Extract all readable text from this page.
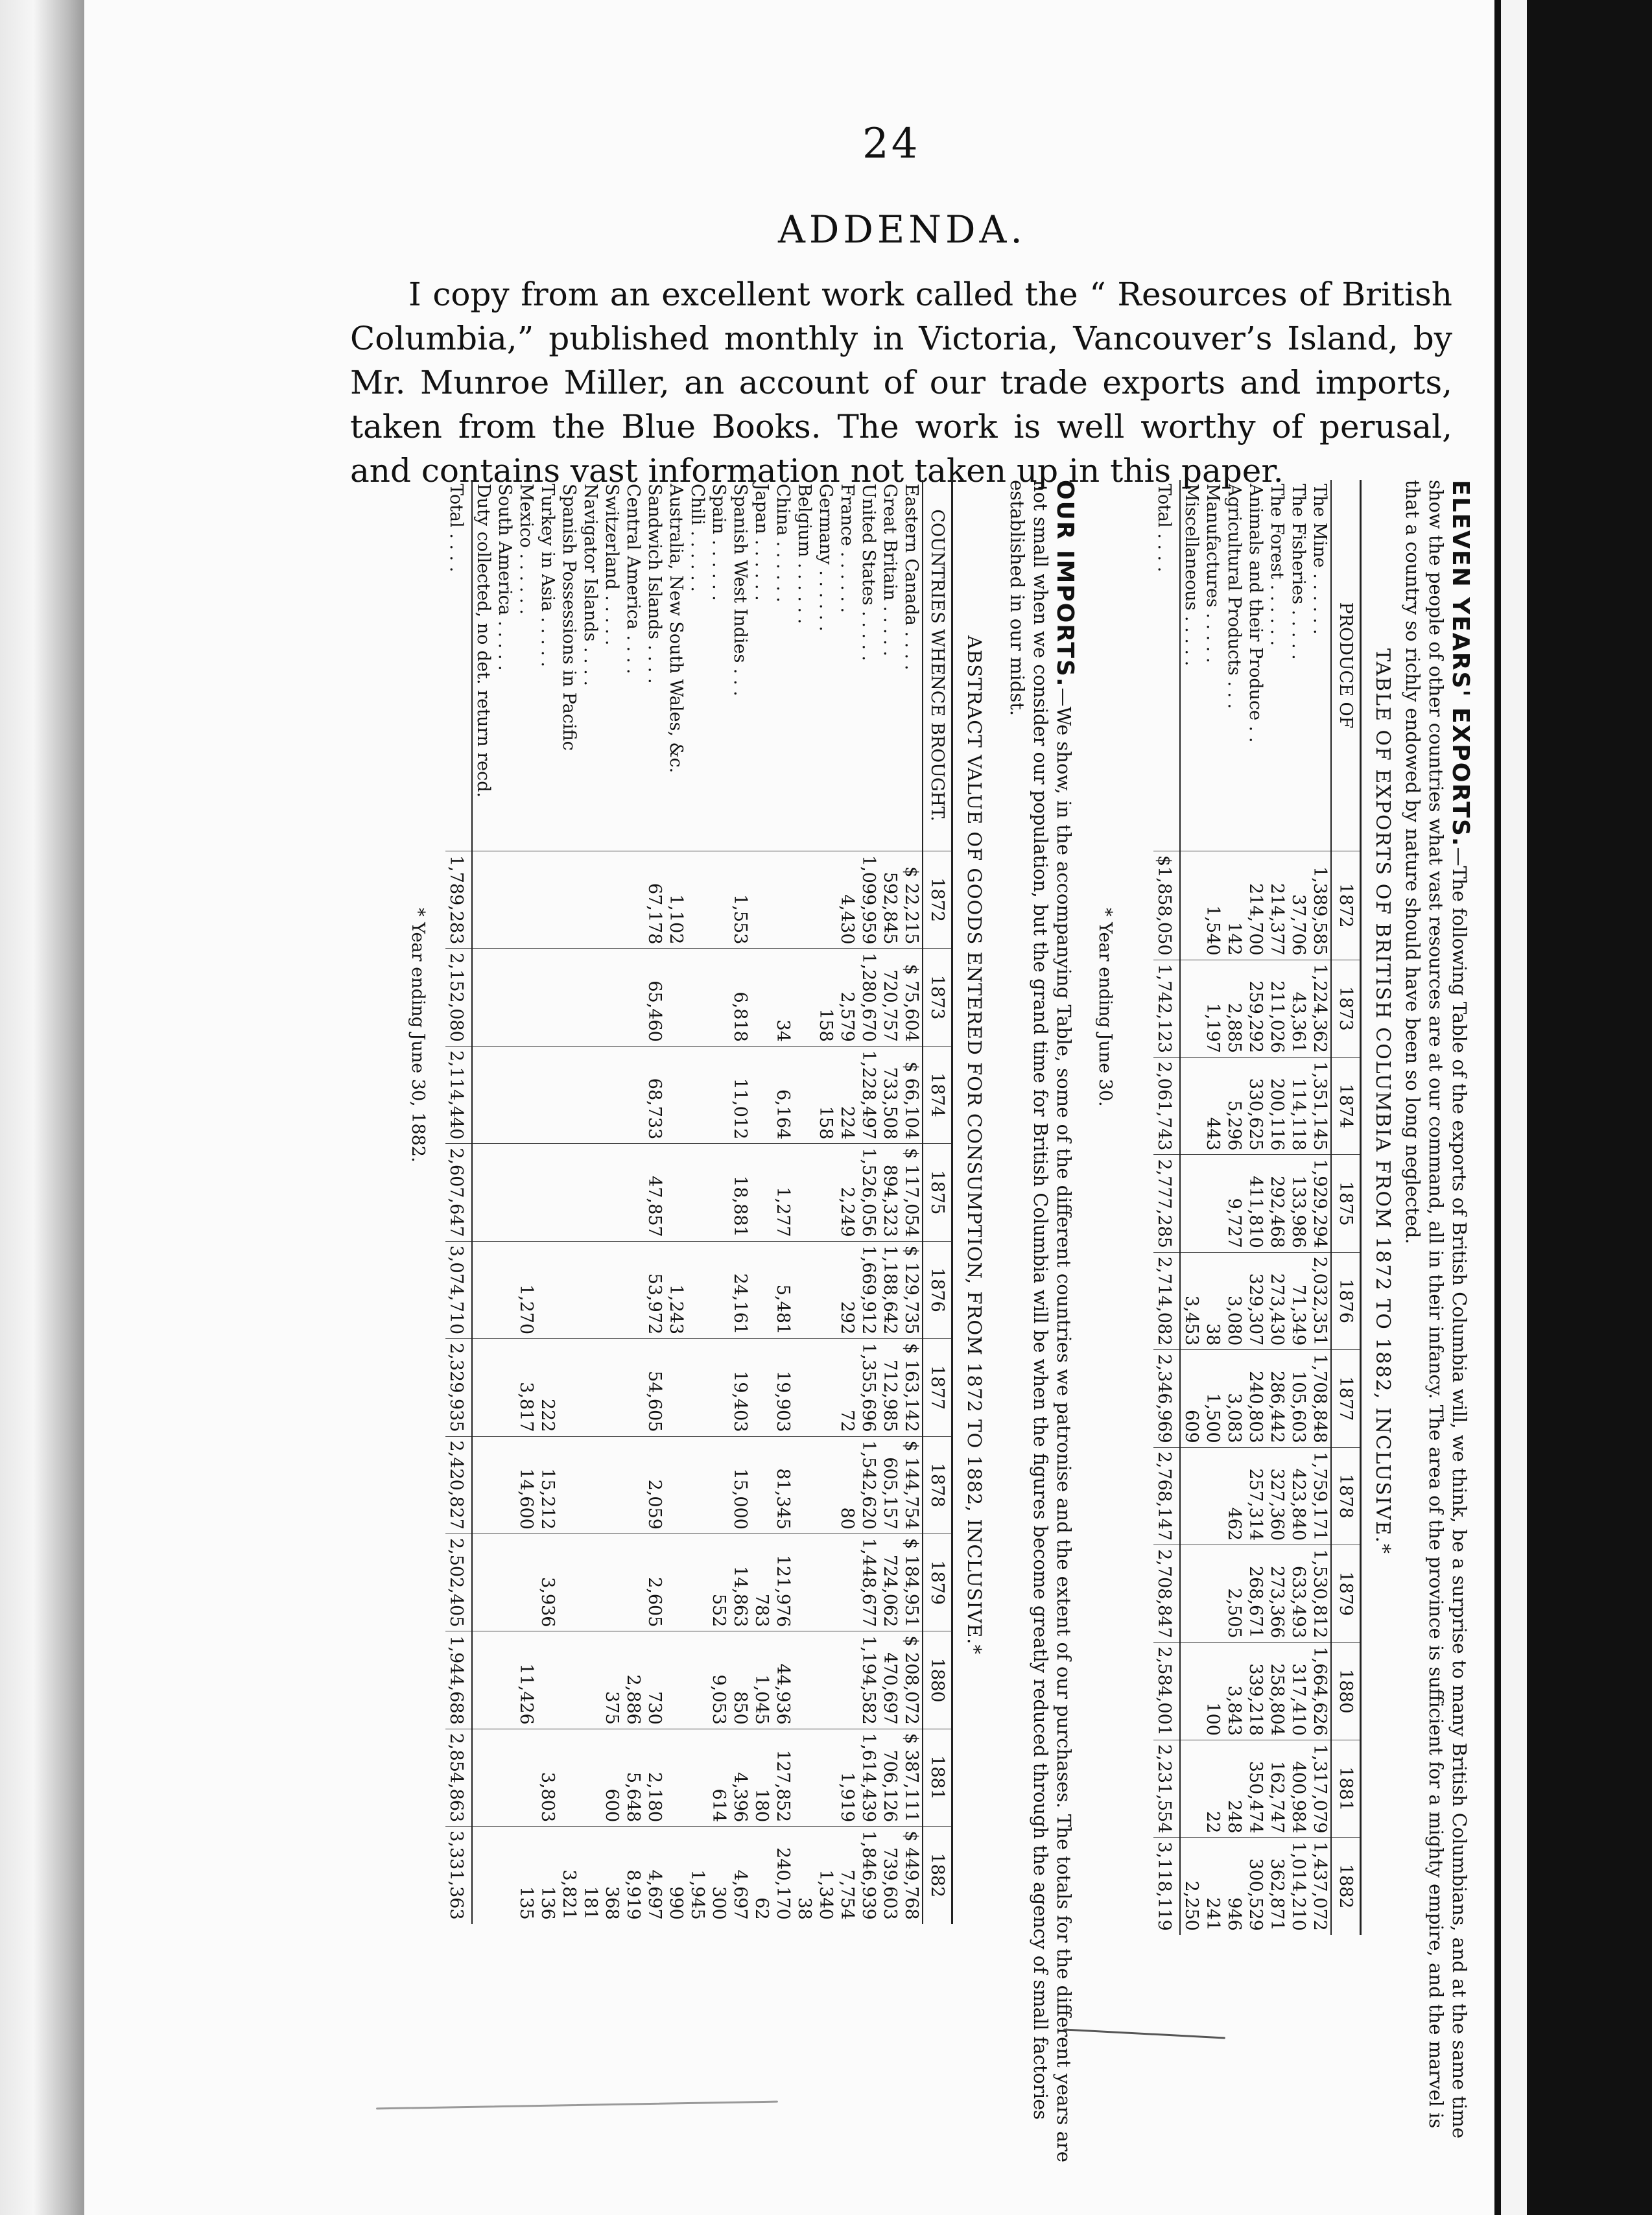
24
ADDENDA.

I copy from an excellent work called the “ Resources of British Columbia,” published monthly in Victoria, Vancouver’s Island, by Mr. Munroe Miller, an account of our trade exports and imports, taken from the Blue Books. The work is well worthy of perusal, and contains vast information not taken up in this paper.

ELEVEN YEARS' EXPORTS.—The following Table of the exports of British Columbia will, we think, be a surprise to many British Columbians, and at the same time show the people of other countries what vast resources are at our command, all in their infancy. The area of the province is sufficient for a mighty empire, and the marvel is that a country so richly endowed by nature should have been so long neglected.
TABLE OF EXPORTS OF BRITISH COLUMBIA FROM 1872 TO 1882, INCLUSIVE.*
PRODUCE OF	1872	1873	1874	1875	1876	1877	1878	1879	1880	1881	1882
The Mine . . . . . .	1,389,585	1,224,362	1,351,145	1,929,294	2,032,351	1,708,848	1,759,171	1,530,812	1,664,626	1,317,079	1,437,072
The Fisheries . . . . .	37,706	43,361	114,118	133,986	71,349	105,603	423,840	633,493	317,410	400,984	1,014,210
The Forest . . . . . .	214,377	211,026	200,116	292,468	273,430	286,442	327,360	273,366	258,804	162,747	362,871
Animals and their Produce . .	214,700	259,292	330,625	411,810	329,307	240,803	257,314	268,671	339,218	350,474	300,529
Agricultural Products . . .	142	2,885	5,296	9,727	3,080	3,083	462	2,505	3,843	248	946
Manufactures . . . . .	1,540	1,197	443		38	1,500			100	22	241
Miscellaneous . . . . .					3,453	609					2,250
Total . . . .	$1,858,050	1,742,123	2,061,743	2,777,285	2,714,082	2,346,969	2,768,147	2,708,847	2,584,001	2,231,554	3,118,119
* Year ending June 30.
OUR IMPORTS.—We show, in the accompanying Table, some of the different countries we patronise and the extent of our purchases. The totals for the different years are not small when we consider our population, but the grand time for British Columbia will be when the figures become greatly reduced through the agency of small factories established in our midst.
ABSTRACT VALUE OF GOODS ENTERED FOR CONSUMPTION, FROM 1872 TO 1882, INCLUSIVE.*
COUNTRIES WHENCE BROUGHT.	1872	1873	1874	1875	1876	1877	1878	1879	1880	1881	1882
Eastern Canada . . . .	$ 22,215	$ 75,604	$ 66,104	$ 117,054	$ 129,735	$ 163,142	$ 144,754	$ 184,951	$ 208,072	$ 387,111	$ 449,768
Great Britain . . . . .	592,845	720,757	733,508	894,323	1,188,642	712,985	605,157	724,062	470,697	706,126	739,603
United States . . . . .	1,099,959	1,280,670	1,228,497	1,526,056	1,669,912	1,355,696	1,542,620	1,448,677	1,194,582	1,614,439	1,846,939
France . . . . . .	4,430	2,579	224	2,249	292	72	80			1,919	7,754
Germany . . . . . .		158	158								1,340
Belgium . . . . . .											38
China . . . . . .		34	6,164	1,277	5,481	19,903	81,345	121,976	44,936	127,852	240,170
Japan . . . . . .								783	1,045	180	62
Spanish West Indies . . .	1,553	6,818	11,012	18,881	24,161	19,403	15,000	14,863	850	4,396	4,697
Spain . . . . . .								552	9,053	614	300
Chili . . . . . .											1,945
Australia, New South Wales, &c.	1,102				1,243						990
Sandwich Islands . . . .	67,178	65,460	68,733	47,857	53,972	54,605	2,059	2,605	730	2,180	4,697
Central America . . . .									2,886	5,648	8,919
Switzerland . . . . .									375	600	368
Navigator Islands . . . .											181
Spanish Possessions in Pacific											3,821
Turkey in Asia . . . . .						222	15,212	3,936		3,803	136
Mexico . . . . . .					1,270	3,817	14,600		11,426		135
South America . . . . .											
Duty collected, no det. return recd.											
Total . . . .	1,789,283	2,152,080	2,114,440	2,607,647	3,074,710	2,329,935	2,420,827	2,502,405	1,944,688	2,854,863	3,331,363
* Year ending June 30, 1882.
